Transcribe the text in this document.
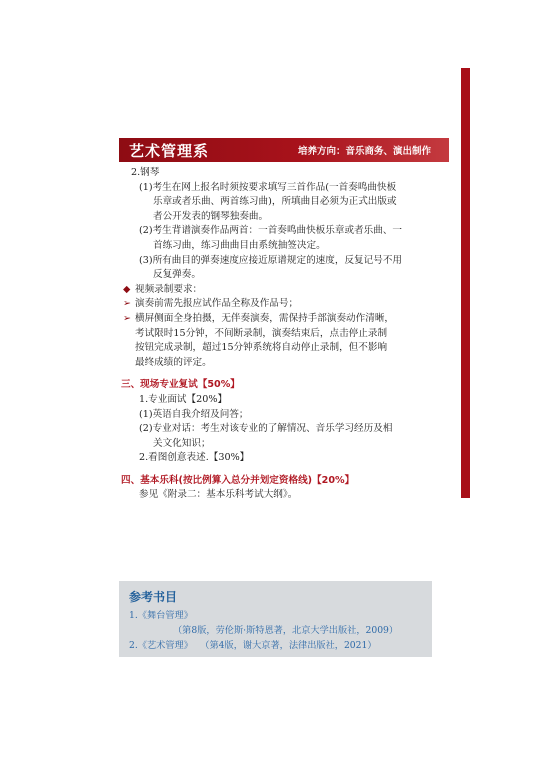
艺术管理系	培养方向：音乐商务、演出制作
2.钢琴
(1)考生在网上报名时须按要求填写三首作品(一首奏鸣曲快板
乐章或者乐曲、两首练习曲)，所填曲目必须为正式出版或
者公开发表的钢琴独奏曲。
(2)考生背谱演奏作品两首：一首奏鸣曲快板乐章或者乐曲、一
首练习曲，练习曲曲目由系统抽签决定。
(3)所有曲目的弹奏速度应接近原谱规定的速度，反复记号不用
反复弹奏。
◆ 视频录制要求：
➢ 演奏前需先报应试作品全称及作品号；
➢ 横屏侧面全身拍摄，无伴奏演奏，需保持手部演奏动作清晰，
考试限时15分钟，不间断录制，演奏结束后，点击停止录制
按钮完成录制，超过15分钟系统将自动停止录制，但不影响
最终成绩的评定。
三、现场专业复试【50%】
1.专业面试【20%】
(1)英语自我介绍及问答；
(2)专业对话：考生对该专业的了解情况、音乐学习经历及相
关文化知识；
2.看图创意表述.【30%】
四、基本乐科(按比例算入总分并划定资格线)【20%】
参见《附录二：基本乐科考试大纲》。
参考书目
1.《舞台管理》
（第8版，劳伦斯·斯特恩著，北京大学出版社，2009）
2.《艺术管理》 （第4版，谢大京著，法律出版社，2021）
